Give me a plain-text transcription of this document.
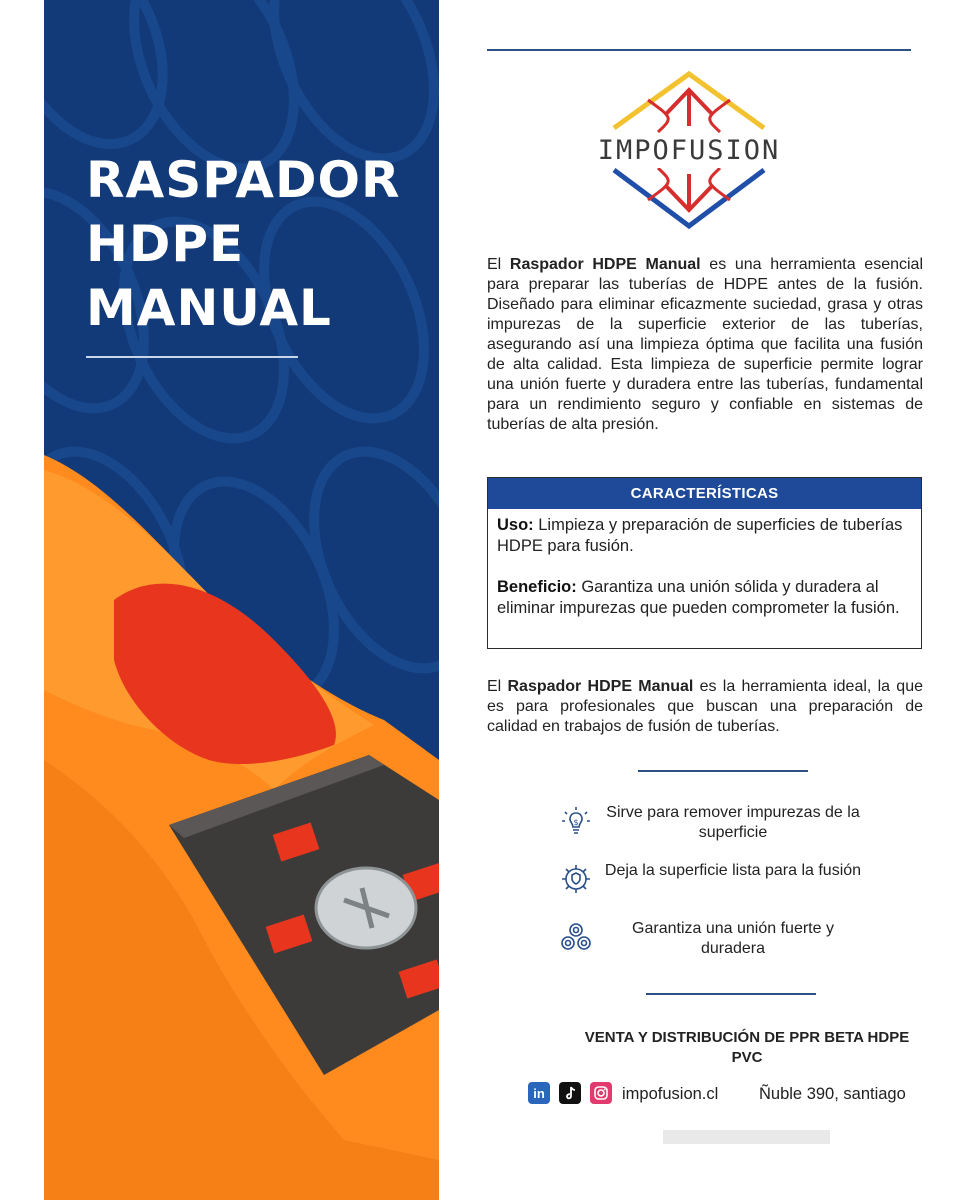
RASPADOR
HDPE
MANUAL
IMPOFUSION

El Raspador HDPE Manual es una herramienta esencial para preparar las tuberías de HDPE antes de la fusión. Diseñado para eliminar eficazmente suciedad, grasa y otras impurezas de la superficie exterior de las tuberías, asegurando así una limpieza óptima que facilita una fusión de alta calidad. Esta limpieza de superficie permite lograr una unión fuerte y duradera entre las tuberías, fundamental para un rendimiento seguro y confiable en sistemas de tuberías de alta presión.

CARACTERÍSTICAS

Uso: Limpieza y preparación de superficies de tuberías HDPE para fusión.

Beneficio: Garantiza una unión sólida y duradera al eliminar impurezas que pueden comprometer la fusión.

El Raspador HDPE Manual es la herramienta ideal, la que es para profesionales que buscan una preparación de calidad en trabajos de fusión de tuberías.

$
Sirve para remover impurezas de la superficie
Deja la superficie lista para la fusión
Garantiza una unión fuerte y duradera
VENTA Y DISTRIBUCIÓN DE PPR BETA HDPE PVC
in	impofusion.cl Ñuble 390, santiago
